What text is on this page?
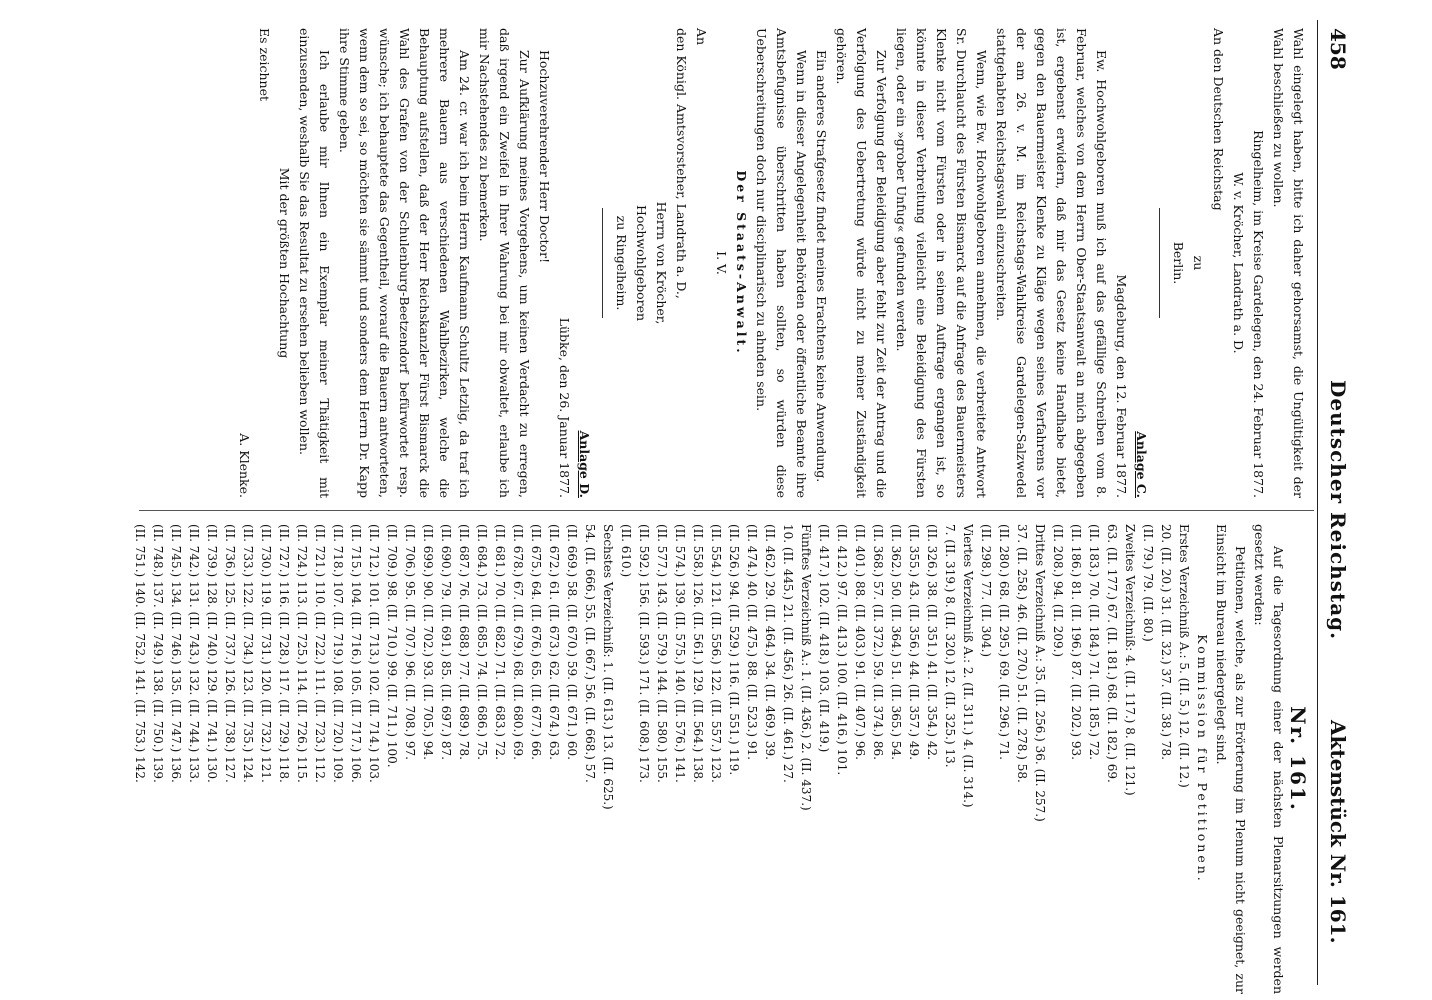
458
Deutscher Reichstag.
Aktenstück Nr. 161.

Wahl eingelegt haben, bitte ich daher gehorsamst, die Ungültigkeit der Wahl beschließen zu wollen.

Ringelheim, im Kreise Gardelegen, den 24. Februar 1877.

W. v. Kröcher, Landrath a. D.

An den Deutschen Reichstag

zu

Berlin.

Anlage C.

Magdeburg, den 12. Februar 1877.

Ew. Hochwohlgeboren muß ich auf das gefällige Schreiben vom 8. Februar, welches von dem Herrn Ober-Staatsanwalt an mich abgegeben ist, ergebenst erwidern, daß mir das Gesetz keine Handhabe bietet, gegen den Bauermeister Klenke zu Kläge wegen seines Verfahrens vor der am 26. v. M. im Reichstags-Wahlkreise Gardelegen-Salzwedel stattgehabten Reichstagswahl einzuschreiten.

Wenn, wie Ew. Hochwohlgeboren annehmen, die verbreitete Antwort Sr. Durchlaucht des Fürsten Bismarck auf die Anfrage des Bauermeisters Klenke nicht vom Fürsten oder in seinem Auftrage ergangen ist, so könnte in dieser Verbreitung vielleicht eine Beleidigung des Fürsten liegen, oder ein »grober Unfug« gefunden werden.

Zur Verfolgung der Beleidigung aber fehlt zur Zeit der Antrag und die Verfolgung des Uebertretung würde nicht zu meiner Zuständigkeit gehören.

Ein anderes Strafgesetz findet meines Erachtens keine Anwendung.

Wenn in dieser Angelegenheit Behörden oder öffentliche Beamte ihre Amtsbefugnisse überschritten haben sollten, so würden diese Ueberschreitungen doch nur disciplinarisch zu ahnden sein.

Der Staats-Anwalt.

I. V.

An

den Königl. Amtsvorsteher, Landrath a. D.,

Herrn von Kröcher,

Hochwohlgeboren

zu Ringelheim.

Anlage D.

Lübke, den 26. Januar 1877.

Hochzuverehrender Herr Doctor!

Zur Aufklärung meines Vorgehens, um keinen Verdacht zu erregen, daß irgend ein Zweifel in Ihrer Wahrung bei mir obwaltet, erlaube ich mir Nachstehendes zu bemerken.

Am 24. cr. war ich beim Herrn Kaufmann Schultz Letzlig, da traf ich mehrere Bauern aus verschiedenen Wahlbezirken, welche die Behauptung aufstellen, daß der Herr Reichskanzler Fürst Bismarck die Wahl des Grafen von der Schulenburg-Beetzendorf befürwortet resp. wünsche; ich behauptete das Gegentheil, worauf die Bauern antworteten, wenn dem so sei, so möchten sie sämmt und sonders dem Herrn Dr. Kapp ihre Stimme geben.

Ich erlaube mir Ihnen ein Exemplar meiner Thätigkeit mit einzusenden, weshalb Sie das Resultat zu ersehen belieben wollen.

Mit der größten Hochachtung

Es zeichnet

A. Klenke.

Nr. 161.

Auf die Tagesordnung einer der nächsten Plenarsitzungen werden gesetzt werden:

Petitionen, welche, als zur Erörterung im Plenum nicht geeignet, zur Einsicht im Bureau niedergelegt sind.

Kommission für Petitionen.

Erstes Verzeichniß A.: 5. (II. 5.) 12. (II. 12.)
20. (II. 20.) 31. (II. 32.) 37. (II. 38.) 78.
(II. 79.) 79. (II. 80.)
Zweites Verzeichniß: 4. (II. 117.) 8. (II. 121.)
63. (II. 177.) 67. (II. 181.) 68. (II. 182.) 69.
(II. 183.) 70. (II. 184.) 71. (II. 185.) 72.
(II. 186.) 81. (II. 196.) 87. (II. 202.) 93.
(II. 208.) 94. (II. 209.)
Drittes Verzeichniß A.: 35. (II. 256.) 36. (II. 257.)
37. (II. 258.) 46. (II. 270.) 51. (II. 278.) 58.
(II. 280.) 68. (II. 295.) 69. (II. 296.) 71.
(II. 298.) 77. (II. 304.)
Viertes Verzeichniß A.: 2. (II. 311.) 4. (II. 314.)
7. (II. 319.) 8. (II. 320.) 12. (II. 325.) 13.
(II. 326.) 38. (II. 351.) 41. (II. 354.) 42.
(II. 355.) 43. (II. 356.) 44. (II. 357.) 49.
(II. 362.) 50. (II. 364.) 51. (II. 365.) 54.
(II. 368.) 57. (II. 372.) 59. (II. 374.) 86.
(II. 401.) 88. (II. 403.) 91. (II. 407.) 96.
(II. 412.) 97. (II. 413.) 100. (II. 416.) 101.
(II. 417.) 102. (II. 418.) 103. (II. 419.)
Fünftes Verzeichniß A.: 1. (II. 436.) 2. (II. 437.)
10. (II. 445.) 21. (II. 456.) 26. (II. 461.) 27.
(II. 462.) 29. (II. 464.) 34. (II. 469.) 39.
(II. 474.) 40. (II. 475.) 88. (II. 523.) 91.
(II. 526.) 94. (II. 529.) 116. (II. 551.) 119.
(II. 554.) 121. (II. 556.) 122. (II. 557.) 123.
(II. 558.) 126. (II. 561.) 129. (II. 564.) 138.
(II. 574.) 139. (II. 575.) 140. (II. 576.) 141.
(II. 577.) 143. (II. 579.) 144. (II. 580.) 155.
(II. 592.) 156. (II. 593.) 171. (II. 608.) 173.
(II. 610.)
Sechstes Verzeichniß: 1. (II. 613.) 13. (II. 625.)
54. (II. 666.) 55. (II. 667.) 56. (II. 668.) 57.
(II. 669.) 58. (II. 670.) 59. (II. 671.) 60.
(II. 672.) 61. (II. 673.) 62. (II. 674.) 63.
(II. 675.) 64. (II. 676.) 65. (II. 677.) 66.
(II. 678.) 67. (II. 679.) 68. (II. 680.) 69.
(II. 681.) 70. (II. 682.) 71. (II. 683.) 72.
(II. 684.) 73. (II. 685.) 74. (II. 686.) 75.
(II. 687.) 76. (II. 688.) 77. (II. 689.) 78.
(II. 690.) 79. (II. 691.) 85. (II. 697.) 87.
(II. 699.) 90. (II. 702.) 93. (II. 705.) 94.
(II. 706.) 95. (II. 707.) 96. (II. 708.) 97.
(II. 709.) 98. (II. 710.) 99. (II. 711.) 100.
(II. 712.) 101. (II. 713.) 102. (II. 714.) 103.
(II. 715.) 104. (II. 716.) 105. (II. 717.) 106.
(II. 718.) 107. (II. 719.) 108. (II. 720.) 109.
(II. 721.) 110. (II. 722.) 111. (II. 723.) 112.
(II. 724.) 113. (II. 725.) 114. (II. 726.) 115.
(II. 727.) 116. (II. 728.) 117. (II. 729.) 118.
(II. 730.) 119. (II. 731.) 120. (II. 732.) 121.
(II. 733.) 122. (II. 734.) 123. (II. 735.) 124.
(II. 736.) 125. (II. 737.) 126. (II. 738.) 127.
(II. 739.) 128. (II. 740.) 129. (II. 741.) 130.
(II. 742.) 131. (II. 743.) 132. (II. 744.) 133.
(II. 745.) 134. (II. 746.) 135. (II. 747.) 136.
(II. 748.) 137. (II. 749.) 138. (II. 750.) 139.
(II. 751.) 140. (II. 752.) 141. (II. 753.) 142.
